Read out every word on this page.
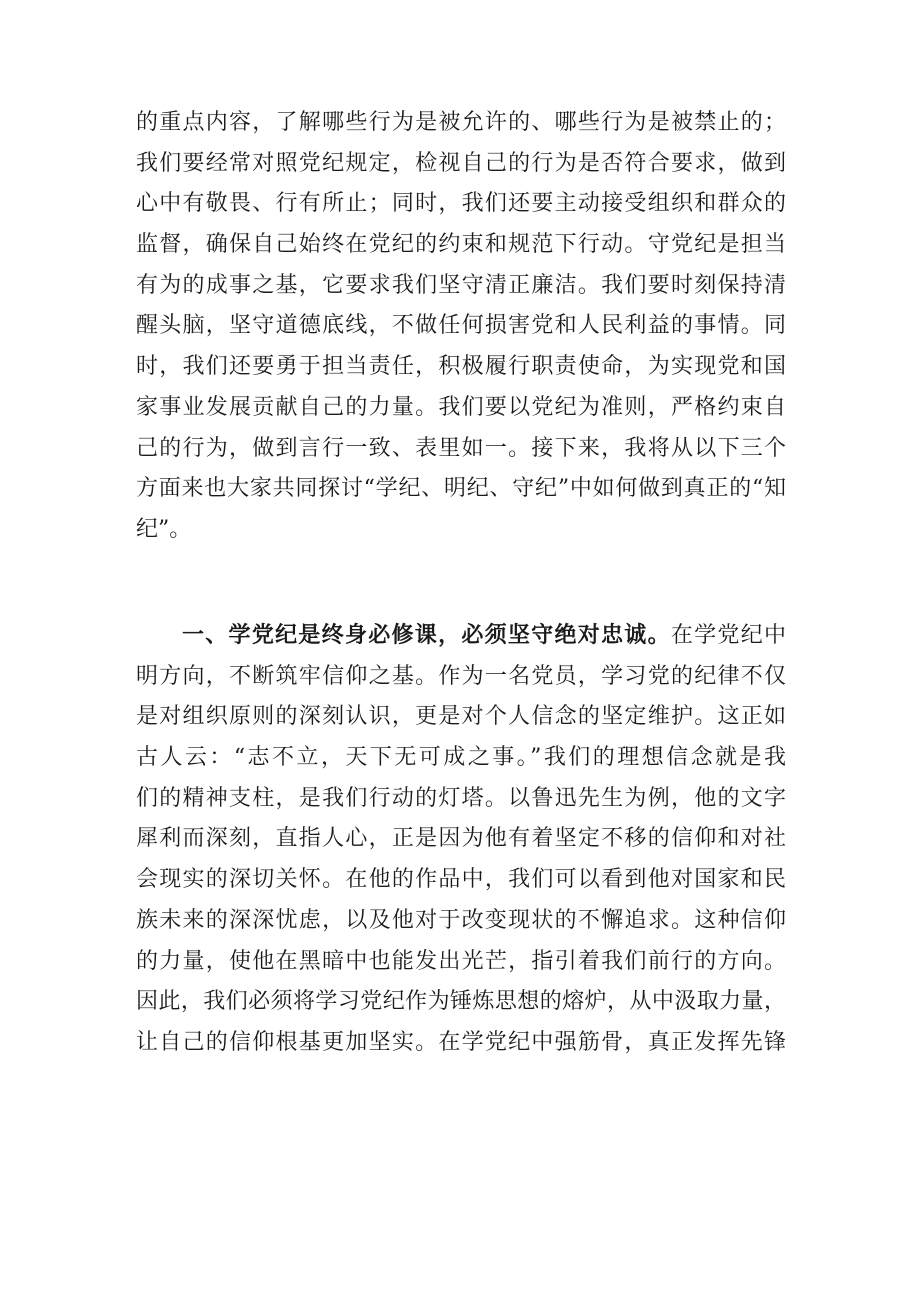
的重点内容，了解哪些行为是被允许的、哪些行为是被禁止的；
我们要经常对照党纪规定，检视自己的行为是否符合要求，做到
心中有敬畏、行有所止；同时，我们还要主动接受组织和群众的
监督，确保自己始终在党纪的约束和规范下行动。守党纪是担当
有为的成事之基，它要求我们坚守清正廉洁。我们要时刻保持清
醒头脑，坚守道德底线，不做任何损害党和人民利益的事情。同
时，我们还要勇于担当责任，积极履行职责使命，为实现党和国
家事业发展贡献自己的力量。我们要以党纪为准则，严格约束自
己的行为，做到言行一致、表里如一。接下来，我将从以下三个
方面来也大家共同探讨“学纪、明纪、守纪”中如何做到真正的“知
纪”。
一、学党纪是终身必修课，必须坚守绝对忠诚。在学党纪中
明方向，不断筑牢信仰之基。作为一名党员，学习党的纪律不仅
是对组织原则的深刻认识，更是对个人信念的坚定维护。这正如
古人云：“志不立，天下无可成之事。”我们的理想信念就是我
们的精神支柱，是我们行动的灯塔。以鲁迅先生为例，他的文字
犀利而深刻，直指人心，正是因为他有着坚定不移的信仰和对社
会现实的深切关怀。在他的作品中，我们可以看到他对国家和民
族未来的深深忧虑，以及他对于改变现状的不懈追求。这种信仰
的力量，使他在黑暗中也能发出光芒，指引着我们前行的方向。
因此，我们必须将学习党纪作为锤炼思想的熔炉，从中汲取力量，
让自己的信仰根基更加坚实。在学党纪中强筋骨，真正发挥先锋
